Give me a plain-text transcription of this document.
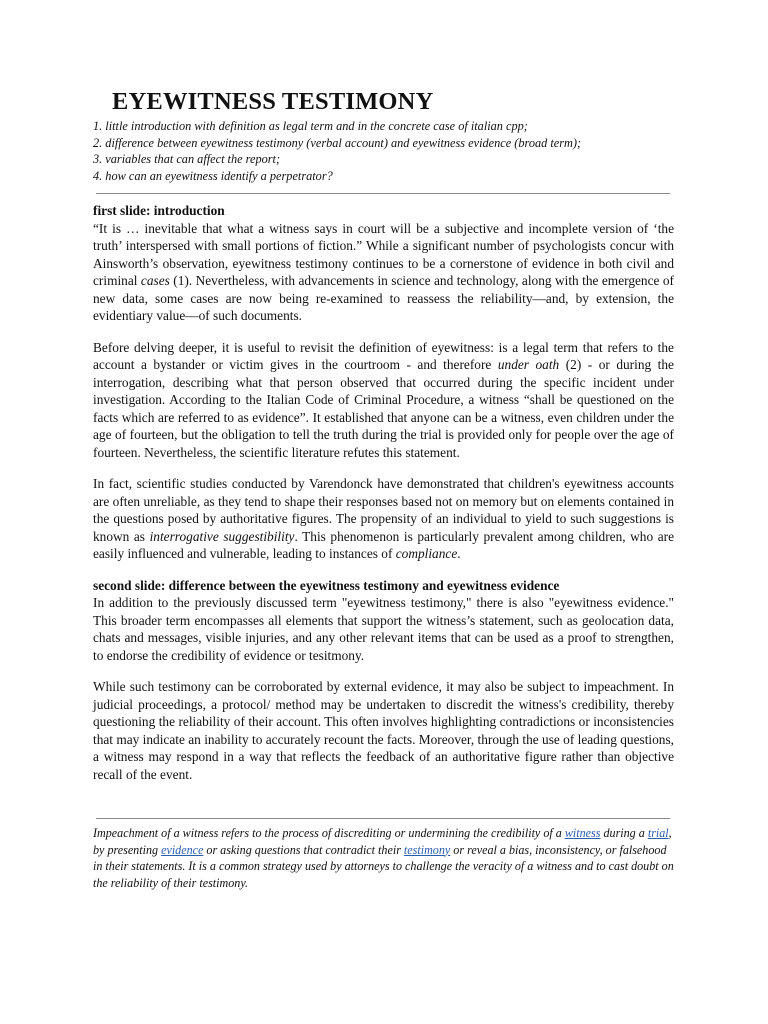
EYEWITNESS TESTIMONY
1. little introduction with definition as legal term and in the concrete case of italian cpp;
2. difference between eyewitness testimony (verbal account) and eyewitness evidence (broad term);
3. variables that can affect the report;
4. how can an eyewitness identify a perpetrator?

first slide: introduction

“It is … inevitable that what a witness says in court will be a subjective and incomplete version of ‘the truth’ interspersed with small portions of fiction.” While a significant number of psychologists concur with Ainsworth’s observation, eyewitness testimony continues to be a cornerstone of evidence in both civil and criminal cases (1). Nevertheless, with advancements in science and technology, along with the emergence of new data, some cases are now being re-examined to reassess the reliability—and, by extension, the evidentiary value—of such documents.

Before delving deeper, it is useful to revisit the definition of eyewitness: is a legal term that refers to the account a bystander or victim gives in the courtroom - and therefore under oath (2) - or during the interrogation, describing what that person observed that occurred during the specific incident under investigation. According to the Italian Code of Criminal Procedure, a witness “shall be questioned on the facts which are referred to as evidence”. It established that anyone can be a witness, even children under the age of fourteen, but the obligation to tell the truth during the trial is provided only for people over the age of fourteen. Nevertheless, the scientific literature refutes this statement.

In fact, scientific studies conducted by Varendonck have demonstrated that children's eyewitness accounts are often unreliable, as they tend to shape their responses based not on memory but on elements contained in the questions posed by authoritative figures. The propensity of an individual to yield to such suggestions is known as interrogative suggestibility. This phenomenon is particularly prevalent among children, who are easily influenced and vulnerable, leading to instances of compliance.

second slide: difference between the eyewitness testimony and eyewitness evidence

In addition to the previously discussed term "eyewitness testimony," there is also "eyewitness evidence." This broader term encompasses all elements that support the witness’s statement, such as geolocation data, chats and messages, visible injuries, and any other relevant items that can be used as a proof to strengthen, to endorse the credibility of evidence or tesitmony.

While such testimony can be corroborated by external evidence, it may also be subject to impeachment. In judicial proceedings, a protocol/ method may be undertaken to discredit the witness's credibility, thereby questioning the reliability of their account. This often involves highlighting contradictions or inconsistencies that may indicate an inability to accurately recount the facts. Moreover, through the use of leading questions, a witness may respond in a way that reflects the feedback of an authoritative figure rather than objective recall of the event.

Impeachment of a witness refers to the process of discrediting or undermining the credibility of a witness during a trial, by presenting evidence or asking questions that contradict their testimony or reveal a bias, inconsistency, or falsehood in their statements. It is a common strategy used by attorneys to challenge the veracity of a witness and to cast doubt on the reliability of their testimony.
